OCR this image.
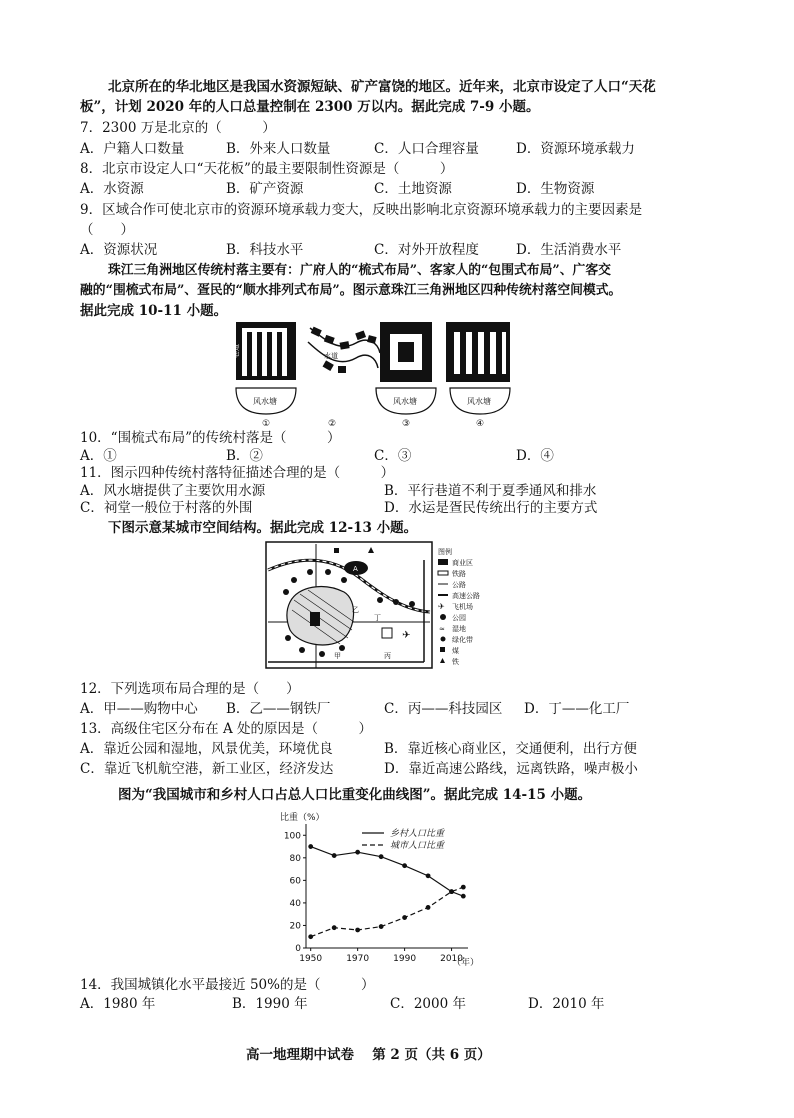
北京所在的华北地区是我国水资源短缺、矿产富饶的地区。近年来，北京市设定了人口“天花
板”，计划 2020 年的人口总量控制在 2300 万以内。据此完成 7-9 小题。
7．2300 万是北京的（　　　）
A．户籍人口数量	B．外来人口数量	C．人口合理容量	D．资源环境承载力
8．北京市设定人口“天花板”的最主要限制性资源是（　　　）
A．水资源	B．矿产资源	C．土地资源	D．生物资源
9．区域合作可使北京市的资源环境承载力变大，反映出影响北京资源环境承载力的主要因素是
（　　）
A．资源状况	B．科技水平	C．对外开放程度	D．生活消费水平
珠江三角洲地区传统村落主要有：广府人的“梳式布局”、客家人的“包围式布局”、广客交
融的“围梳式布局”、疍民的“顺水排列式布局”。图示意珠江三角洲地区四种传统村落空间模式。
据此完成 10-11 小题。
巷道	水道
风水塘	风水塘	风水塘
①	②	③	④
10．“围梳式布局”的传统村落是（　　　）
A．①	B．②	C．③	D．④
11．图示四种传统村落特征描述合理的是（　　　）
A．风水塘提供了主要饮用水源	B．平行巷道不利于夏季通风和排水
C．祠堂一般位于村落的外围	D．水运是疍民传统出行的主要方式
下图示意某城市空间结构。据此完成 12-13 小题。
A
✈
甲
乙
丙
丁
图例
商业区
铁路
公路
高速公路
✈ 飞机场
公园
≈ 湿地
绿化带
煤
铁
12．下列选项布局合理的是（　　）
A．甲——购物中心 B．乙——钢铁厂	C．丙——科技园区 D．丁——化工厂
13．高级住宅区分布在 A 处的原因是（　　　）
A．靠近公园和湿地，风景优美，环境优良	B．靠近核心商业区，交通便利，出行方便
C．靠近飞机航空港，新工业区，经济发达	D．靠近高速公路线，远离铁路，噪声极小
图为“我国城市和乡村人口占总人口比重变化曲线图”。据此完成 14-15 小题。
比重（%）
（年）
0
20
40
60
80
100
1950	1970	1990	2010
乡村人口比重
城市人口比重
14．我国城镇化水平最接近 50%的是（　　　）
A．1980 年	B．1990 年	C．2000 年	D．2010 年
高一地理期中试卷　 第 2 页（共 6 页）
